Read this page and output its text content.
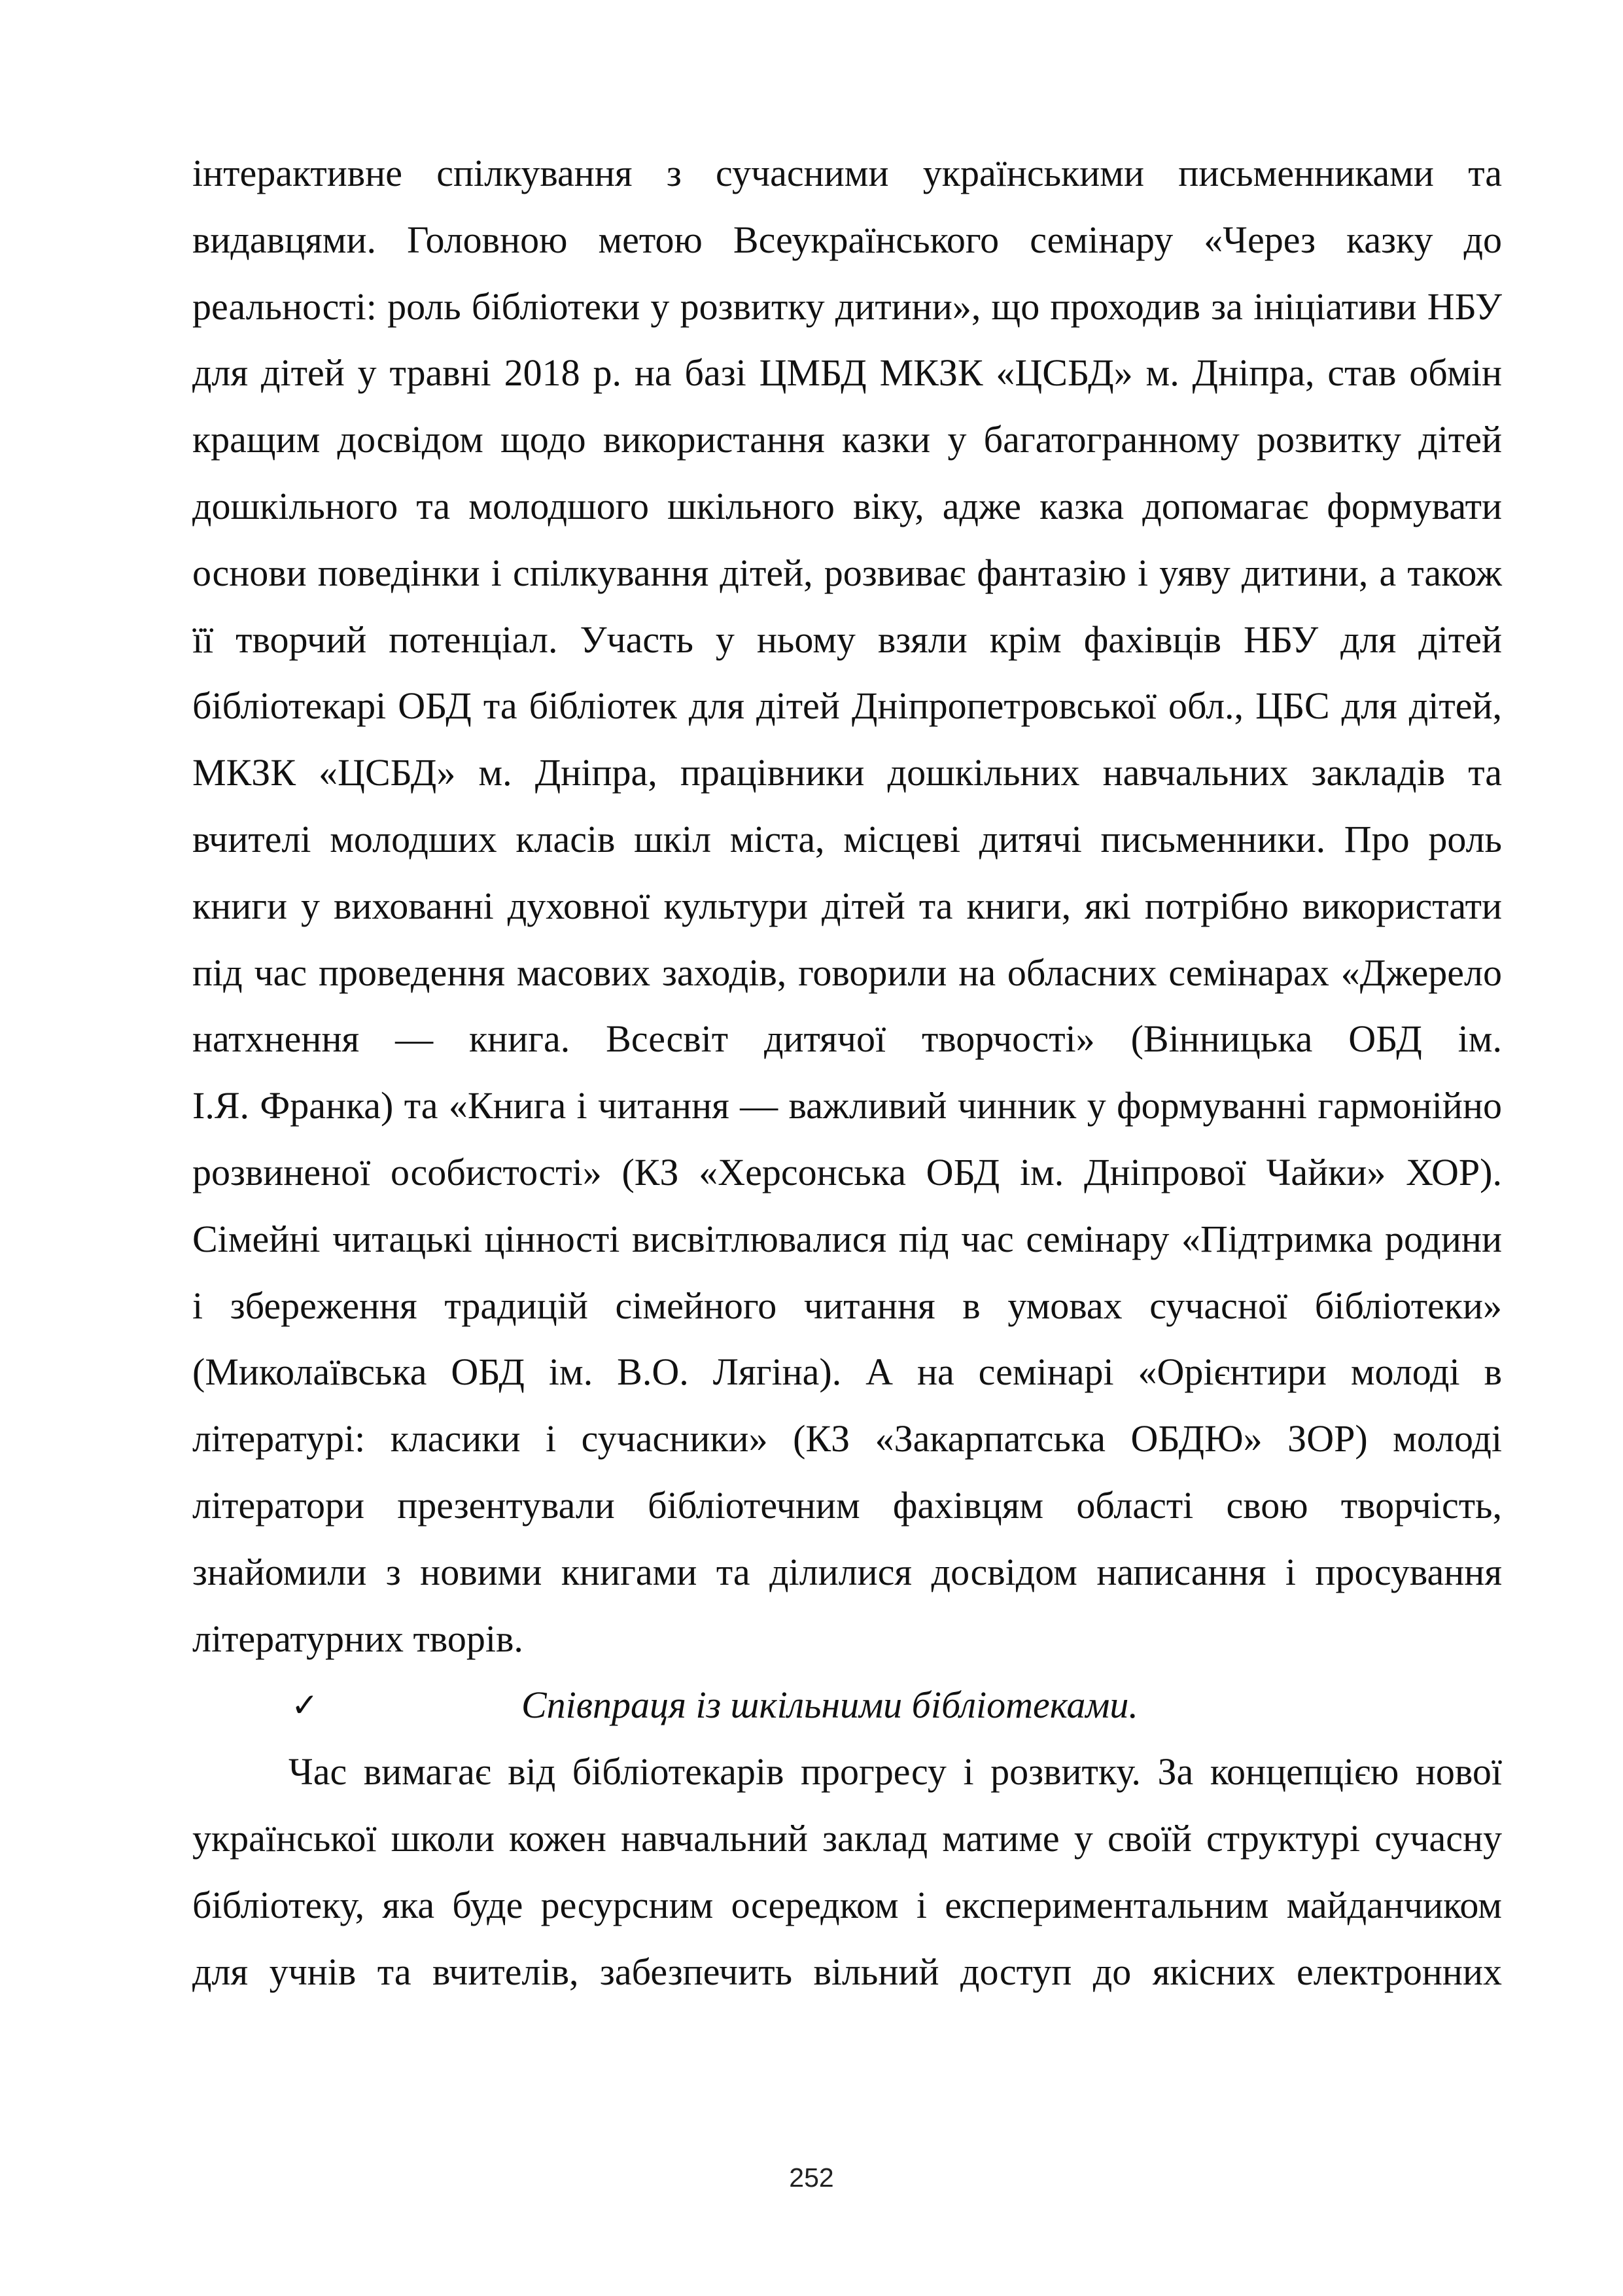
інтерактивне спілкування з сучасними українськими письменниками та
видавцями. Головною метою Всеукраїнського семінару «Через казку до
реальності: роль бібліотеки у розвитку дитини», що проходив за ініціативи НБУ
для дітей у травні 2018 р. на базі ЦМБД МКЗК «ЦСБД» м. Дніпра, став обмін
кращим досвідом щодо використання казки у багатогранному розвитку дітей
дошкільного та молодшого шкільного віку, адже казка допомагає формувати
основи поведінки і спілкування дітей, розвиває фантазію і уяву дитини, а також
її творчий потенціал. Участь у ньому взяли крім фахівців НБУ для дітей
бібліотекарі ОБД та бібліотек для дітей Дніпропетровської обл., ЦБС для дітей,
МКЗК «ЦСБД» м. Дніпра, працівники дошкільних навчальних закладів та
вчителі молодших класів шкіл міста, місцеві дитячі письменники. Про роль
книги у вихованні духовної культури дітей та книги, які потрібно використати
під час проведення масових заходів, говорили на обласних семінарах «Джерело
натхнення — книга. Всесвіт дитячої творчості» (Вінницька ОБД ім.
І.Я. Франка) та «Книга і читання — важливий чинник у формуванні гармонійно
розвиненої особистості» (КЗ «Херсонська ОБД ім. Дніпрової Чайки» ХОР).
Сімейні читацькі цінності висвітлювалися під час семінару «Підтримка родини
і збереження традицій сімейного читання в умовах сучасної бібліотеки»
(Миколаївська ОБД ім. В.О. Лягіна). А на семінарі «Орієнтири молоді в
літературі: класики і сучасники» (КЗ «Закарпатська ОБДЮ» ЗОР) молоді
літератори презентували бібліотечним фахівцям області свою творчість,
знайомили з новими книгами та ділилися досвідом написання і просування
літературних творів.
✓	Співпраця із шкільними бібліотеками.
Час вимагає від бібліотекарів прогресу і розвитку. За концепцією нової
української школи кожен навчальний заклад матиме у своїй структурі сучасну
бібліотеку, яка буде ресурсним осередком і експериментальним майданчиком
для учнів та вчителів, забезпечить вільний доступ до якісних електронних
252
